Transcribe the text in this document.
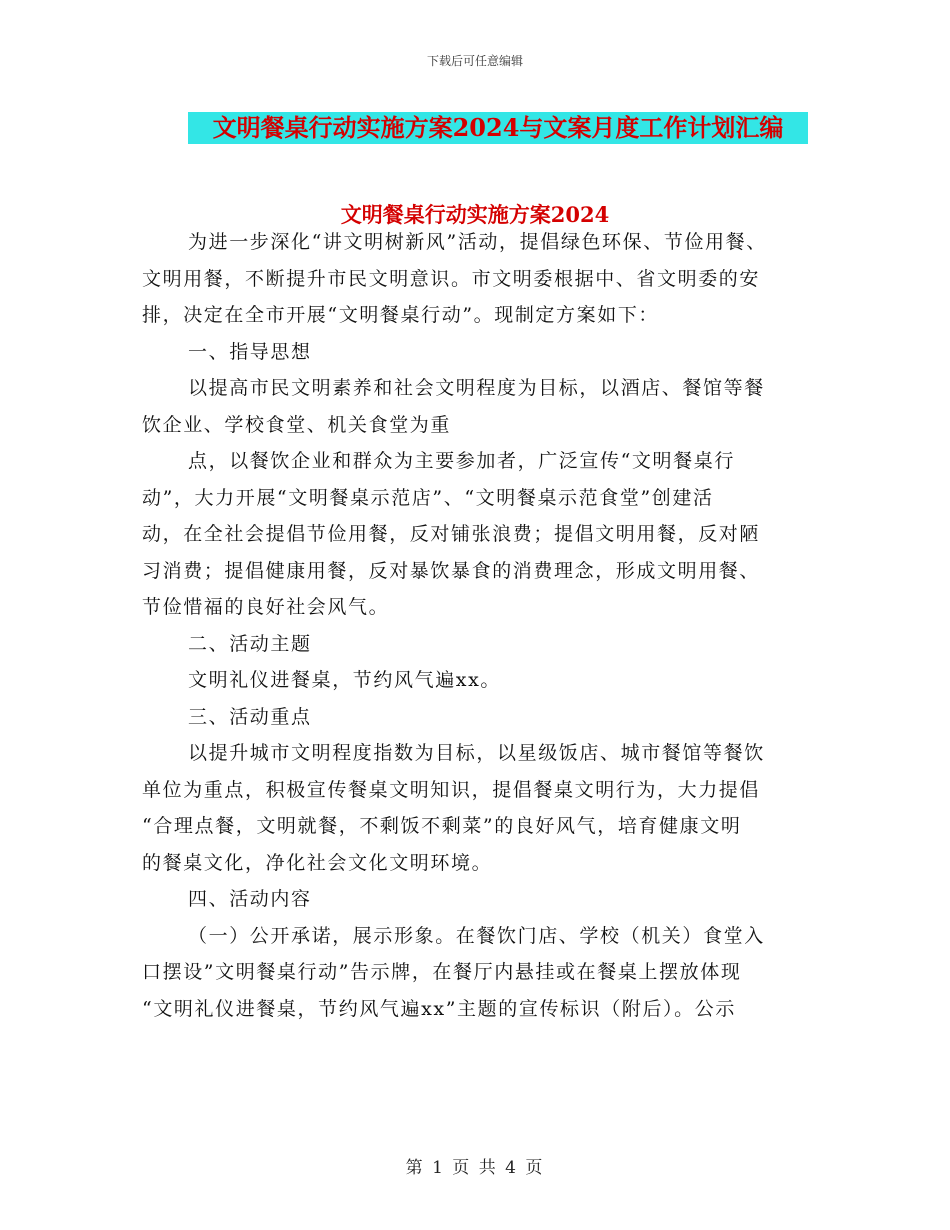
下载后可任意编辑
文明餐桌行动实施方案2024与文案月度工作计划汇编
文明餐桌行动实施方案2024

为进一步深化“讲文明树新风”活动，提倡绿色环保、节俭用餐、

文明用餐，不断提升市民文明意识。市文明委根据中、省文明委的安

排，决定在全市开展“文明餐桌行动”。现制定方案如下：

一、指导思想

以提高市民文明素养和社会文明程度为目标，以酒店、餐馆等餐

饮企业、学校食堂、机关食堂为重

点，以餐饮企业和群众为主要参加者，广泛宣传“文明餐桌行

动”，大力开展“文明餐桌示范店”、“文明餐桌示范食堂”创建活

动，在全社会提倡节俭用餐，反对铺张浪费；提倡文明用餐，反对陋

习消费；提倡健康用餐，反对暴饮暴食的消费理念，形成文明用餐、

节俭惜福的良好社会风气。

二、活动主题

文明礼仪进餐桌，节约风气遍xx。

三、活动重点

以提升城市文明程度指数为目标，以星级饭店、城市餐馆等餐饮

单位为重点，积极宣传餐桌文明知识，提倡餐桌文明行为，大力提倡

“合理点餐，文明就餐，不剩饭不剩菜”的良好风气，培育健康文明

的餐桌文化，净化社会文化文明环境。

四、活动内容

（一）公开承诺，展示形象。在餐饮门店、学校（机关）食堂入

口摆设”文明餐桌行动”告示牌，在餐厅内悬挂或在餐桌上摆放体现

“文明礼仪进餐桌，节约风气遍xx”主题的宣传标识（附后）。公示

第 1 页 共 4 页
